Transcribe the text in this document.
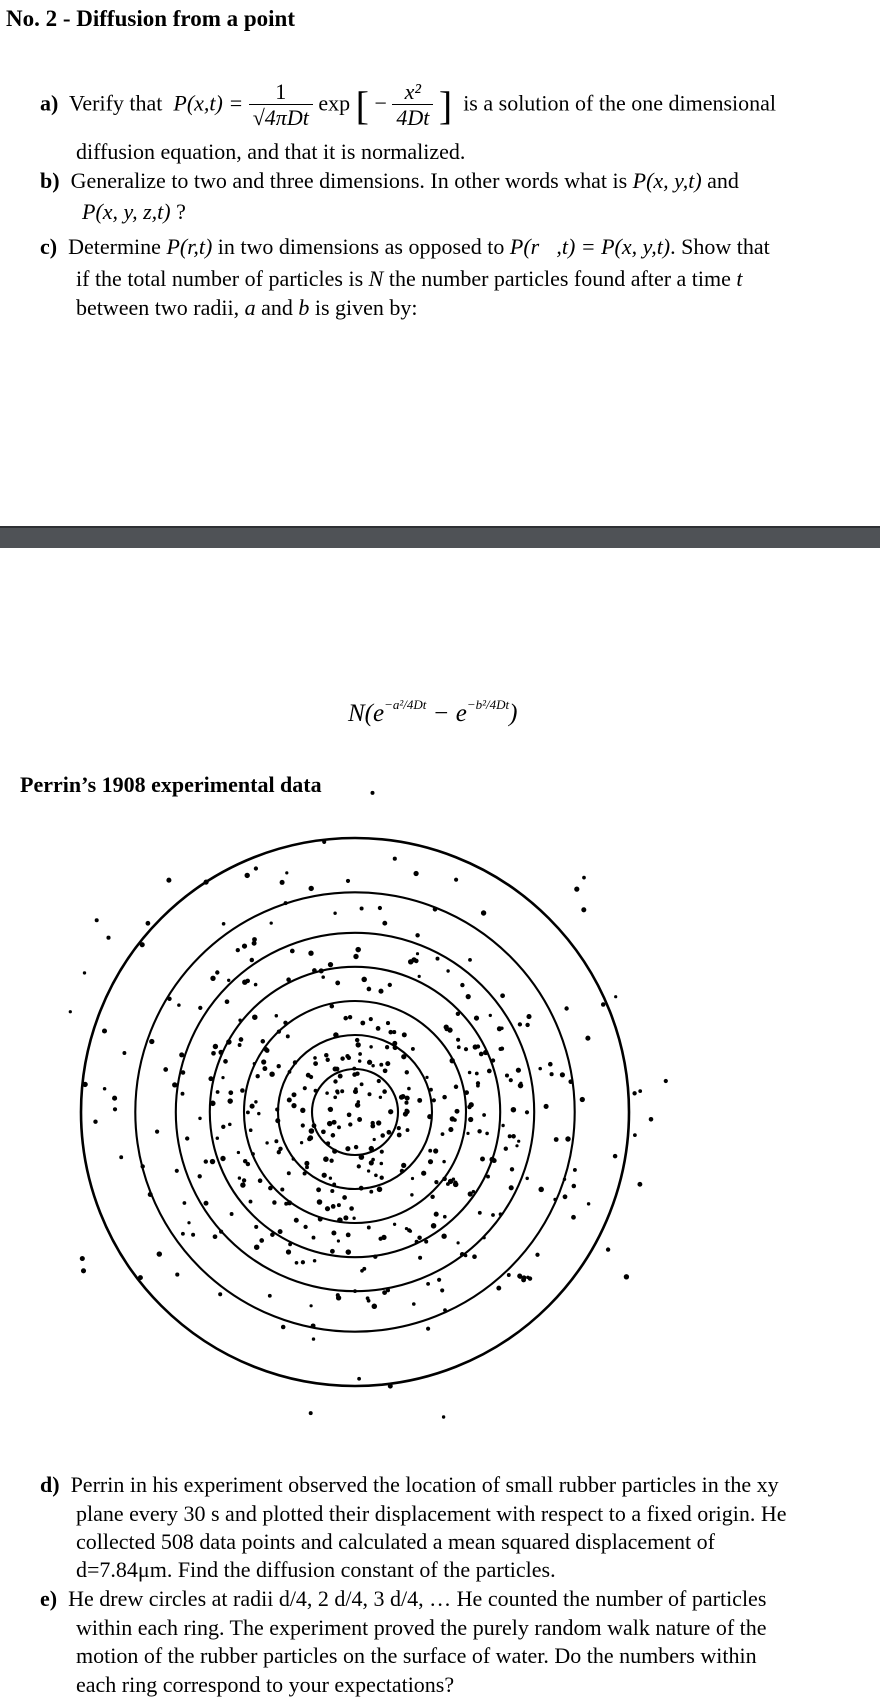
No. 2 - Diffusion from a point
a) Verify that $P(x,t) = \frac{1}{\text{√4πDt}}$ exp [ − $\frac{\text{x²}}{4Dt}$ ] is a solution of the one dimensional
diffusion equation, and that it is normalized.
b) Generalize to two and three dimensions. In other words what is P(x, y,t) and
P(x, y, z,t) ?
c) Determine P(r,t) in two dimensions as opposed to P(r⃗,t) = P(x, y,t). Show that
if the total number of particles is N the number particles found after a time t
between two radii, a and b is given by:
$N(e^{-a^2/4Dt} - e^{-b^2/4Dt})$
Perrin’s 1908 experimental data
d) Perrin in his experiment observed the location of small rubber particles in the xy
plane every 30 s and plotted their displacement with respect to a fixed origin. He
collected 508 data points and calculated a mean squared displacement of
d=7.84μm. Find the diffusion constant of the particles.
e) He drew circles at radii d/4, 2 d/4, 3 d/4, … He counted the number of particles
within each ring. The experiment proved the purely random walk nature of the
motion of the rubber particles on the surface of water. Do the numbers within
each ring correspond to your expectations?
